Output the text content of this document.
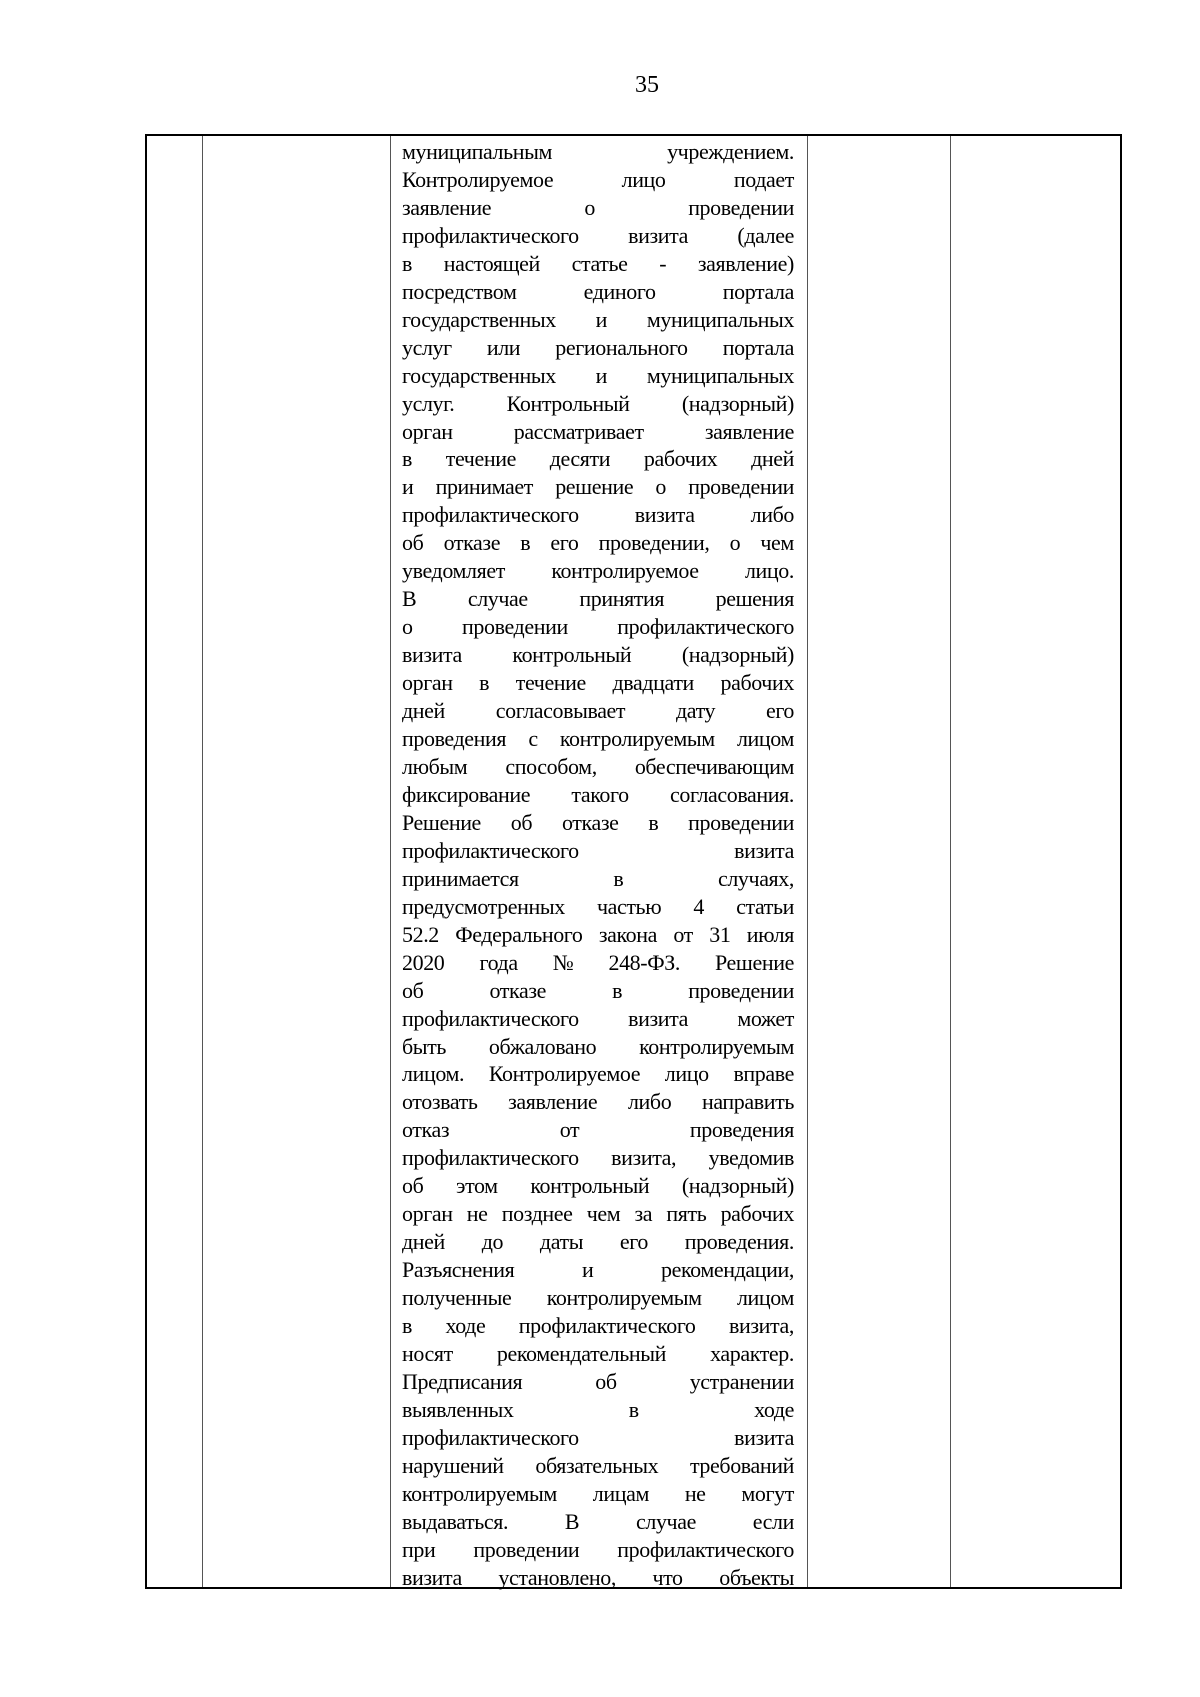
35
муниципальным	учреждением.
Контролируемое	лицо	подает
заявление	о	проведении
профилактического визита (далее
в настоящей статье - заявление)
посредством	единого	портала
государственных и муниципальных
услуг или регионального портала
государственных и муниципальных
услуг. Контрольный (надзорный)
орган	рассматривает	заявление
в течение десяти рабочих дней
и принимает решение о проведении
профилактического	визита	либо
об отказе в его проведении, о чем
уведомляет контролируемое лицо.
В случае принятия решения
о проведении профилактического
визита контрольный (надзорный)
орган в течение двадцати рабочих
дней согласовывает дату его
проведения с контролируемым лицом
любым способом, обеспечивающим
фиксирование такого согласования.
Решение об отказе в проведении
профилактического	визита
принимается	в	случаях,
предусмотренных частью 4 статьи
52.2 Федерального закона от 31 июля
2020 года № 248-ФЗ. Решение
об	отказе	в	проведении
профилактического визита может
быть обжаловано контролируемым
лицом. Контролируемое лицо вправе
отозвать заявление либо направить
отказ	от	проведения
профилактического визита, уведомив
об этом контрольный (надзорный)
орган не позднее чем за пять рабочих
дней до даты его проведения.
Разъяснения	и	рекомендации,
полученные контролируемым лицом
в ходе профилактического визита,
носят рекомендательный характер.
Предписания	об	устранении
выявленных	в	ходе
профилактического	визита
нарушений обязательных требований
контролируемым лицам не могут
выдаваться.	В	случае	если
при проведении профилактического
визита установлено, что объекты
